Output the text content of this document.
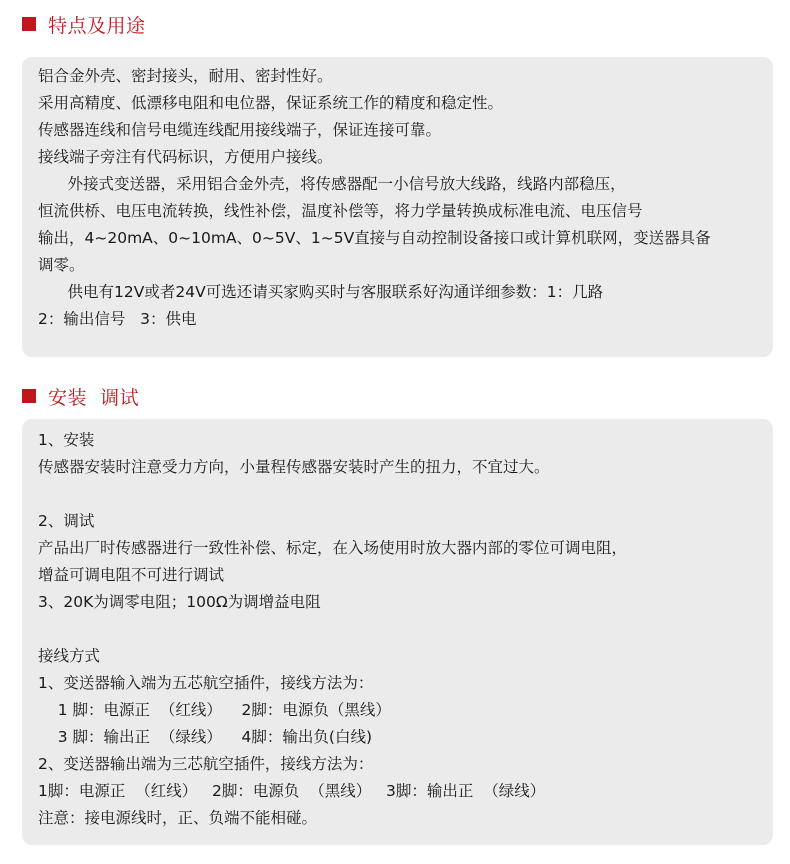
特点及用途
铝合金外壳、密封接头，耐用、密封性好。
采用高精度、低漂移电阻和电位器，保证系统工作的精度和稳定性。
传感器连线和信号电缆连线配用接线端子，保证连接可靠。
接线端子旁注有代码标识，方便用户接线。
外接式变送器，采用铝合金外壳，将传感器配一小信号放大线路，线路内部稳压，
恒流供桥、电压电流转换，线性补偿，温度补偿等，将力学量转换成标准电流、电压信号
输出，4~20mA、0~10mA、0~5V、1~5V直接与自动控制设备接口或计算机联网，变送器具备
调零。
供电有12V或者24V可选还请买家购买时与客服联系好沟通详细参数：1：几路
2：输出信号   3：供电
安装  调试
1、安装
传感器安装时注意受力方向，小量程传感器安装时产生的扭力，不宜过大。
2、调试
产品出厂时传感器进行一致性补偿、标定，在入场使用时放大器内部的零位可调电阻，
增益可调电阻不可进行调试
3、20K为调零电阻；100Ω为调增益电阻
接线方式
1、变送器输入端为五芯航空插件，接线方法为：
1 脚：电源正  （红线）    2脚：电源负（黑线）
3 脚：输出正  （绿线）    4脚：输出负(白线)
2、变送器输出端为三芯航空插件，接线方法为：
1脚：电源正  （红线）   2脚：电源负  （黑线）   3脚：输出正  （绿线）
注意：接电源线时，正、负端不能相碰。
